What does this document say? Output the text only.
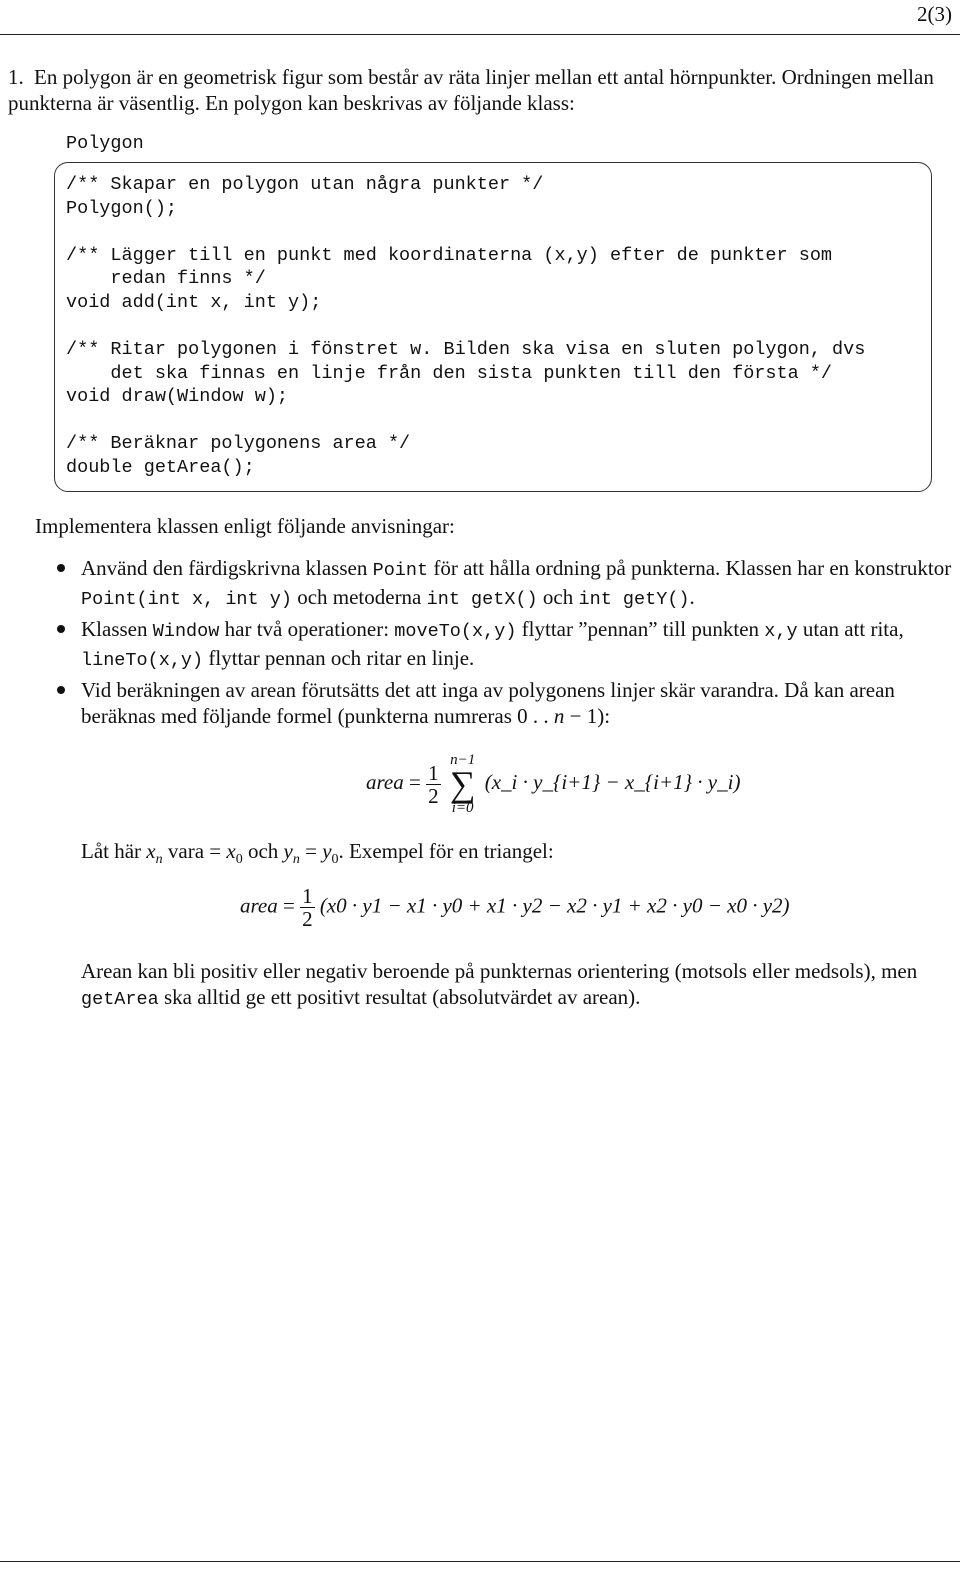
2(3)
1. En polygon är en geometrisk figur som består av räta linjer mellan ett antal hörnpunkter. Ordningen mellan punkterna är väsentlig. En polygon kan beskrivas av följande klass:
Polygon
/** Skapar en polygon utan några punkter */
Polygon();
/** Lägger till en punkt med koordinaterna (x,y) efter de punkter som
redan finns */
void add(int x, int y);
/** Ritar polygonen i fönstret w. Bilden ska visa en sluten polygon, dvs
det ska finnas en linje från den sista punkten till den första */
void draw(Window w);
/** Beräknar polygonens area */
double getArea();
Implementera klassen enligt följande anvisningar:
Använd den färdigskrivna klassen Point för att hålla ordning på punkterna. Klassen har en konstruktor Point(int x, int y) och metoderna int getX() och int getY().
Klassen Window har två operationer: moveTo(x,y) flyttar ”pennan” till punkten x,y utan att rita, lineTo(x,y) flyttar pennan och ritar en linje.
Vid beräkningen av arean förutsätts det att inga av polygonens linjer skär varandra. Då kan arean beräknas med följande formel (punkterna numreras 0 . . n − 1):
area = $\frac{1}{2}$

n−1
∑
i=0
(x_i · y_{i+1} − x_{i+1} · y_i)
Låt här $x_n$ vara = $x_0$ och $y_n = y_0$. Exempel för en triangel:
area = $\frac{1}{2} (x0 \cdot y1 - x1 \cdot y0 + x1 \cdot y2 - x2 \cdot y1 + x2 \cdot y0 - x0 \cdot y2)$
Arean kan bli positiv eller negativ beroende på punkternas orientering (motsols eller medsols), men getArea ska alltid ge ett positivt resultat (absolutvärdet av arean).
